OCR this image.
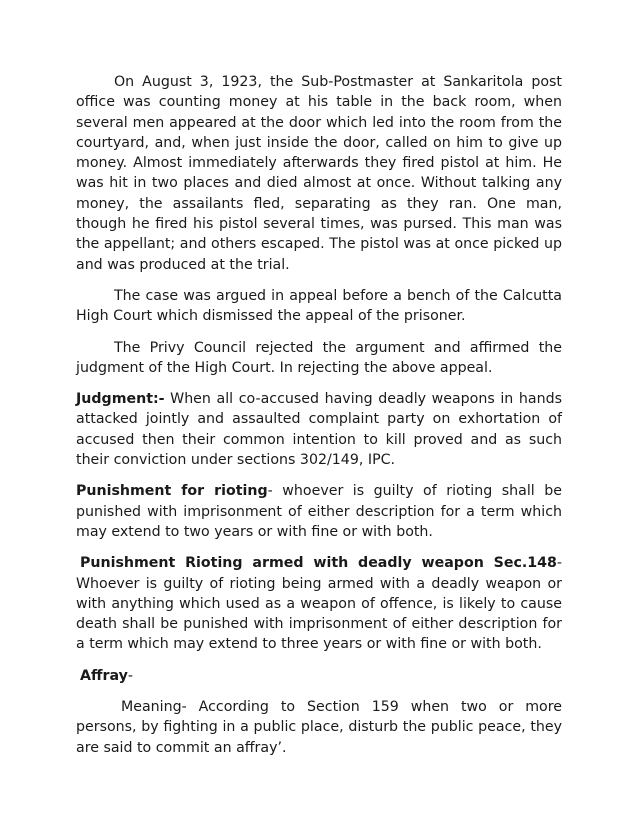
On August 3, 1923, the Sub-Postmaster at Sankaritola post office was counting money at his table in the back room, when several men appeared at the door which led into the room from the courtyard, and, when just inside the door, called on him to give up money. Almost immediately afterwards they fired pistol at him. He was hit in two places and died almost at once. Without talking any money, the assailants fled, separating as they ran. One man, though he fired his pistol several times, was pursed. This man was the appellant; and others escaped. The pistol was at once picked up and was produced at the trial.

The case was argued in appeal before a bench of the Calcutta High Court which dismissed the appeal of the prisoner.

The Privy Council rejected the argument and affirmed the judgment of the High Court. In rejecting the above appeal.

Judgment:- When all co-accused having deadly weapons in hands attacked jointly and assaulted complaint party on exhortation of accused then their common intention to kill proved and as such their conviction under sections 302/149, IPC.

Punishment for rioting- whoever is guilty of rioting shall be punished with imprisonment of either description for a term which may extend to two years or with fine or with both.

Punishment Rioting armed with deadly weapon Sec.148- Whoever is guilty of rioting being armed with a deadly weapon or with anything which used as a weapon of offence, is likely to cause death shall be punished with imprisonment of either description for a term which may extend to three years or with fine or with both.

Affray-

Meaning- According to Section 159 when two or more persons, by fighting in a public place, disturb the public peace, they are said to commit an affray’.
